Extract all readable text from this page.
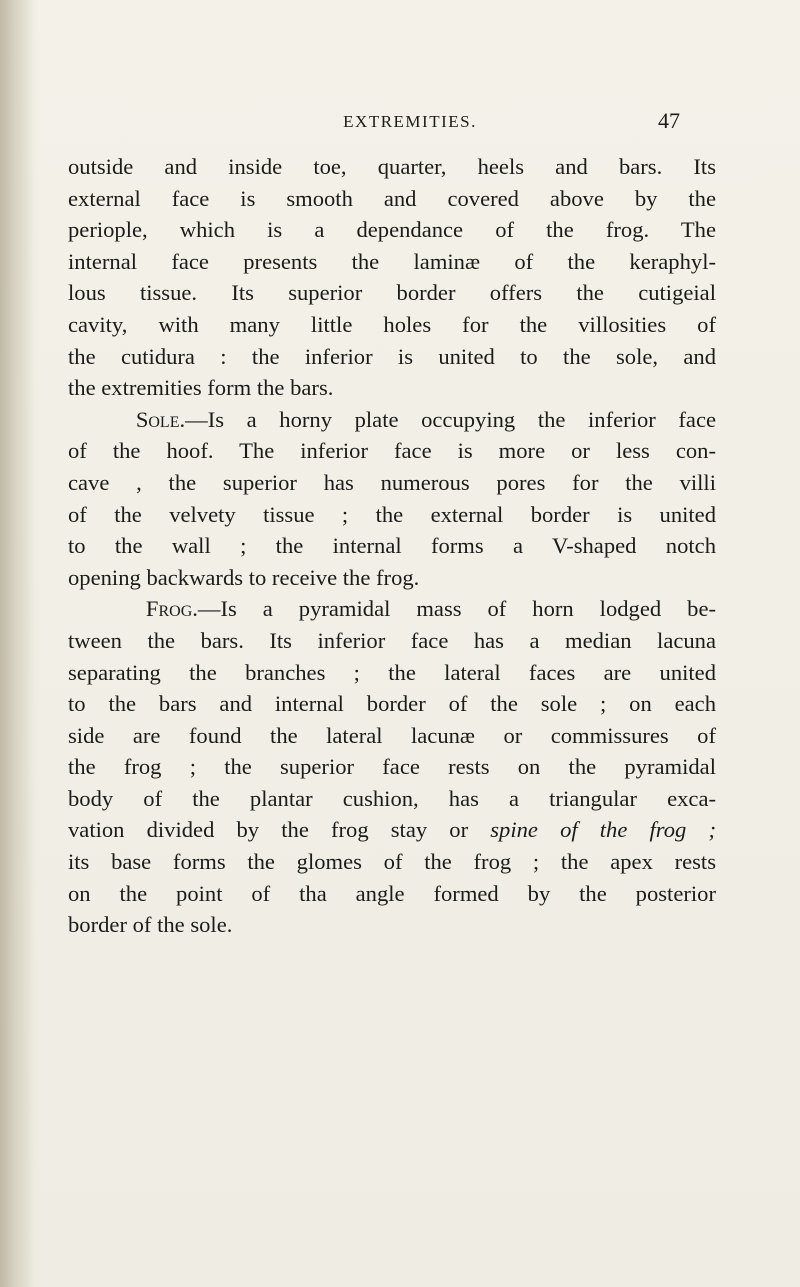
EXTREMITIES.	47
outside and inside toe, quarter, heels and bars. Its
external face is smooth and covered above by the
periople, which is a dependance of the frog. The
internal face presents the laminæ of the keraphyl-
lous tissue. Its superior border offers the cutigeial
cavity, with many little holes for the villosities of
the cutidura : the inferior is united to the sole, and
the extremities form the bars.
Sole.—Is a horny plate occupying the inferior face
of the hoof. The inferior face is more or less con-
cave , the superior has numerous pores for the villi
of the velvety tissue ; the external border is united
to the wall ; the internal forms a V-shaped notch
opening backwards to receive the frog.
Frog.—Is a pyramidal mass of horn lodged be-
tween the bars. Its inferior face has a median lacuna
separating the branches ; the lateral faces are united
to the bars and internal border of the sole ; on each
side are found the lateral lacunæ or commissures of
the frog ; the superior face rests on the pyramidal
body of the plantar cushion, has a triangular exca-
vation divided by the frog stay or spine of the frog ;
its base forms the glomes of the frog ; the apex rests
on the point of tha angle formed by the posterior
border of the sole.
